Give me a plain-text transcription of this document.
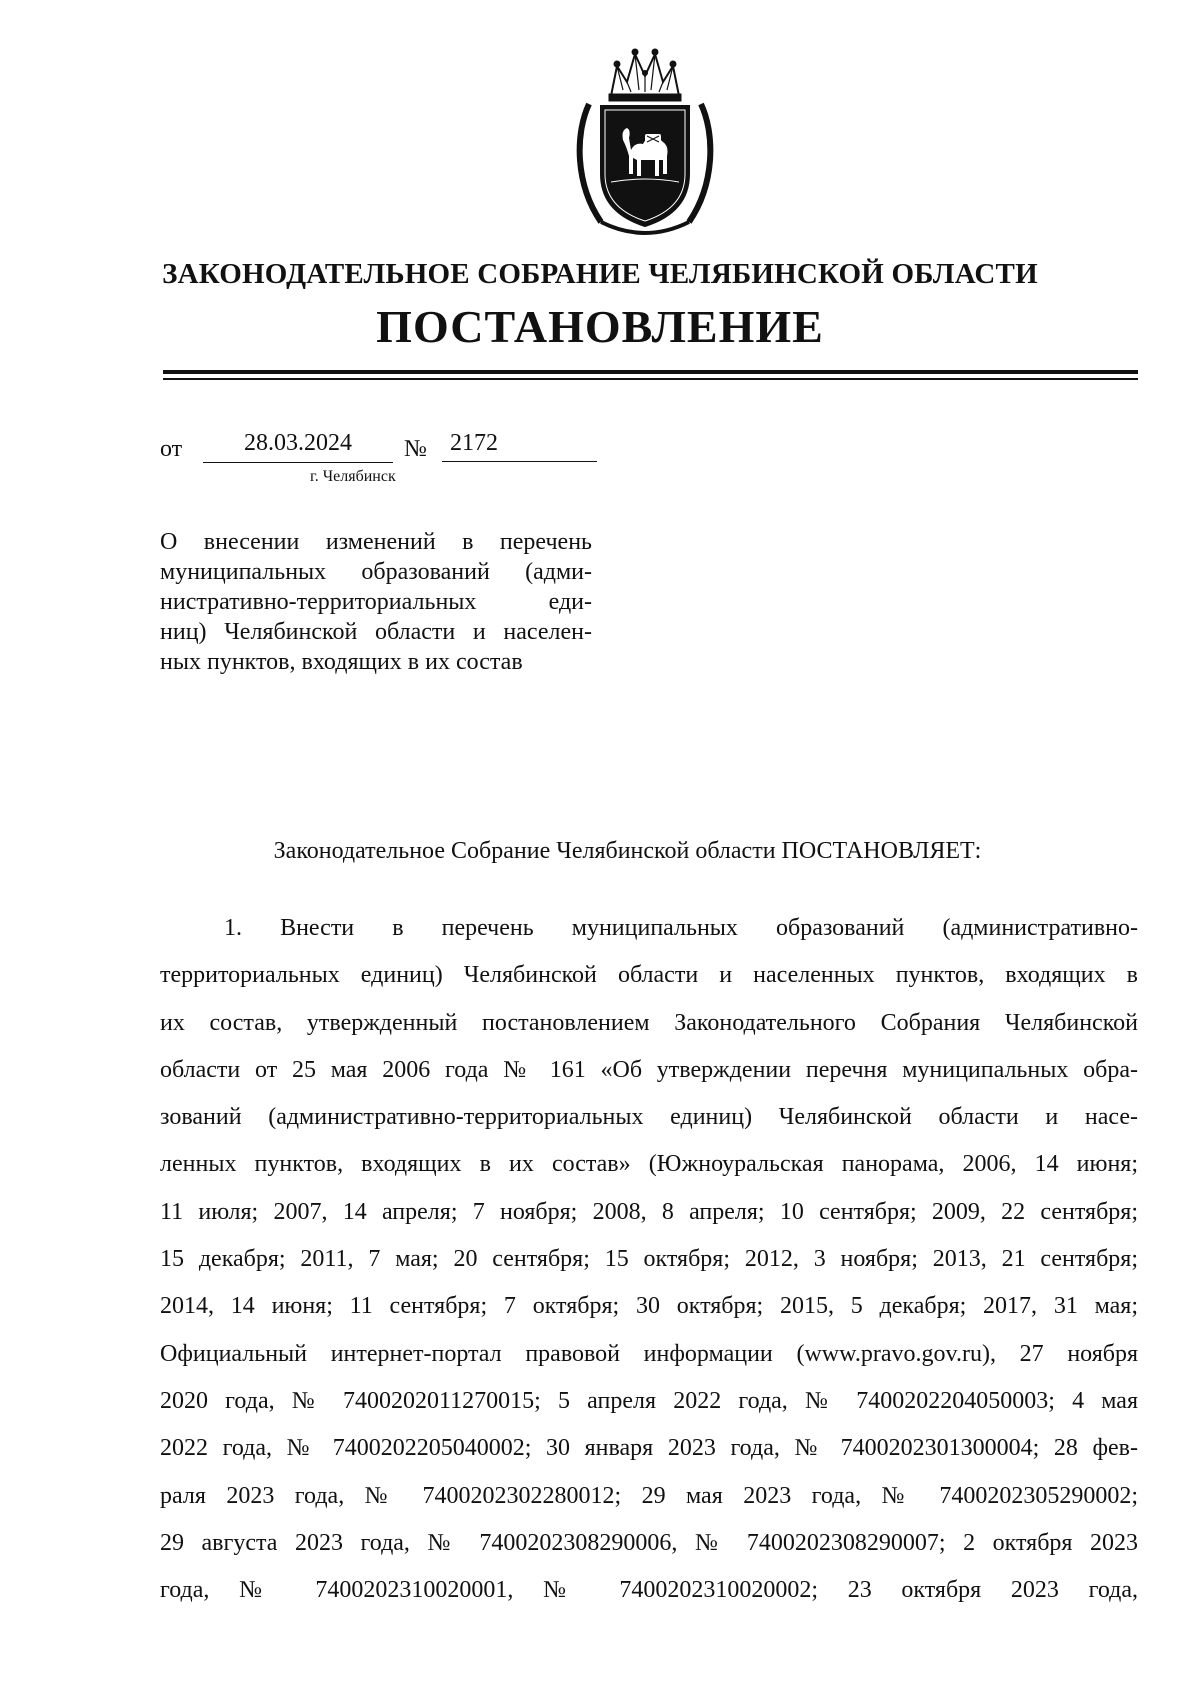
ЗАКОНОДАТЕЛЬНОЕ СОБРАНИЕ ЧЕЛЯБИНСКОЙ ОБЛАСТИ
ПОСТАНОВЛЕНИЕ
от	28.03.2024	№ 2172
г. Челябинск
О внесении изменений в перечень
муниципальных образований (адми-
нистративно-территориальных еди-
ниц) Челябинской области и населен-
ных пунктов, входящих в их состав
Законодательное Собрание Челябинской области ПОСТАНОВЛЯЕТ:
1. Внести в перечень муниципальных образований (административно-
территориальных единиц) Челябинской области и населенных пунктов, входящих в
их состав, утвержденный постановлением Законодательного Собрания Челябинской
области от 25 мая 2006 года № 161 «Об утверждении перечня муниципальных обра-
зований (административно-территориальных единиц) Челябинской области и насе-
ленных пунктов, входящих в их состав» (Южноуральская панорама, 2006, 14 июня;
11 июля; 2007, 14 апреля; 7 ноября; 2008, 8 апреля; 10 сентября; 2009, 22 сентября;
15 декабря; 2011, 7 мая; 20 сентября; 15 октября; 2012, 3 ноября; 2013, 21 сентября;
2014, 14 июня; 11 сентября; 7 октября; 30 октября; 2015, 5 декабря; 2017, 31 мая;
Официальный интернет-портал правовой информации (www.pravo.gov.ru), 27 ноября
2020 года, № 7400202011270015; 5 апреля 2022 года, № 7400202204050003; 4 мая
2022 года, № 7400202205040002; 30 января 2023 года, № 7400202301300004; 28 фев-
раля 2023 года, № 7400202302280012; 29 мая 2023 года, № 7400202305290002;
29 августа 2023 года, № 7400202308290006, № 7400202308290007; 2 октября 2023
года, № 7400202310020001, № 7400202310020002; 23 октября 2023 года,
